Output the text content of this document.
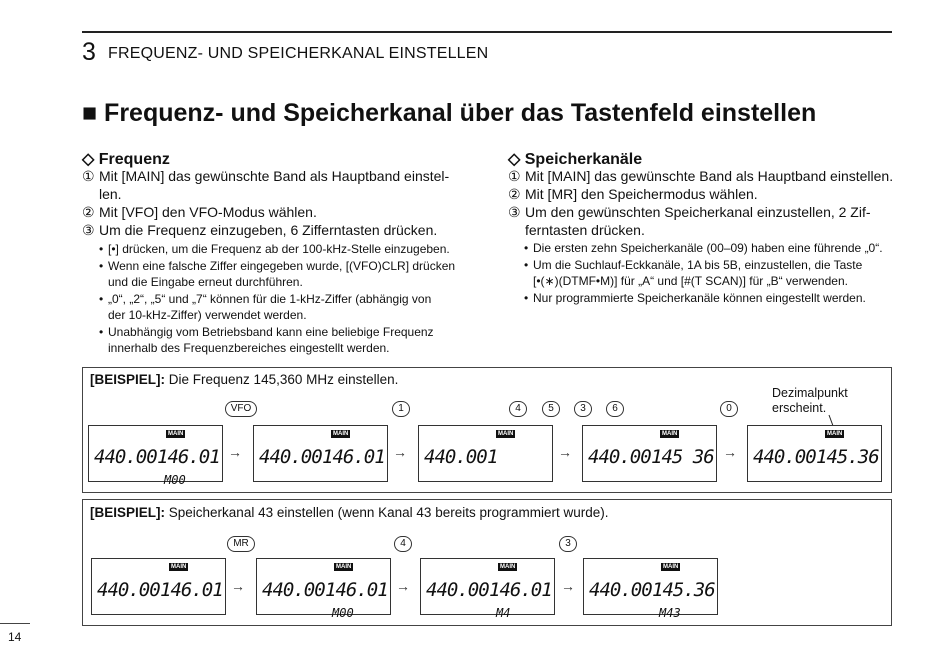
3 FREQUENZ- UND SPEICHERKANAL EINSTELLEN
■ Frequenz- und Speicherkanal über das Tastenfeld einstellen
◇ Frequenz
① Mit [MAIN] das gewünschte Band als Hauptband einstel-
len.
② Mit [VFO] den VFO-Modus wählen.
③ Um die Frequenz einzugeben, 6 Zifferntasten drücken.
• [•] drücken, um die Frequenz ab der 100-kHz-Stelle einzugeben.
• Wenn eine falsche Ziffer eingegeben wurde, [(VFO)CLR] drücken
und die Eingabe erneut durchführen.
• „0“, „2“, „5“ und „7“ können für die 1-kHz-Ziffer (abhängig von
der 10-kHz-Ziffer) verwendet werden.
• Unabhängig vom Betriebsband kann eine beliebige Frequenz
innerhalb des Frequenzbereiches eingestellt werden.
◇ Speicherkanäle
① Mit [MAIN] das gewünschte Band als Hauptband einstellen.
② Mit [MR] den Speichermodus wählen.
③ Um den gewünschten Speicherkanal einzustellen, 2 Zif-
ferntasten drücken.
• Die ersten zehn Speicherkanäle (00–09) haben eine führende „0“.
• Um die Suchlauf-Eckkanäle, 1A bis 5B, einzustellen, die Taste
[•(∗)(DTMF•M)] für „A“ und [#(T SCAN)] für „B“ verwenden.
• Nur programmierte Speicherkanäle können eingestellt werden.
[BEISPIEL]: Die Frequenz 145,360 MHz einstellen.
Dezimalpunkt
erscheint.
VFO	1	4	5	3	6	0
MAIN
440.00 146.01
M00
→
MAIN
440.00 146.01 →
MAIN
440.00 1	→
MAIN
440.00 145 36 →
MAIN
440.00 145.36
[BEISPIEL]: Speicherkanal 43 einstellen (wenn Kanal 43 bereits programmiert wurde).
MR	4	3
MAIN
440.00 146.01 →
MAIN
440.00 146.01
M00
→
MAIN
440.00 146.01
M4
→
MAIN
440.00 145.36
M43
14
